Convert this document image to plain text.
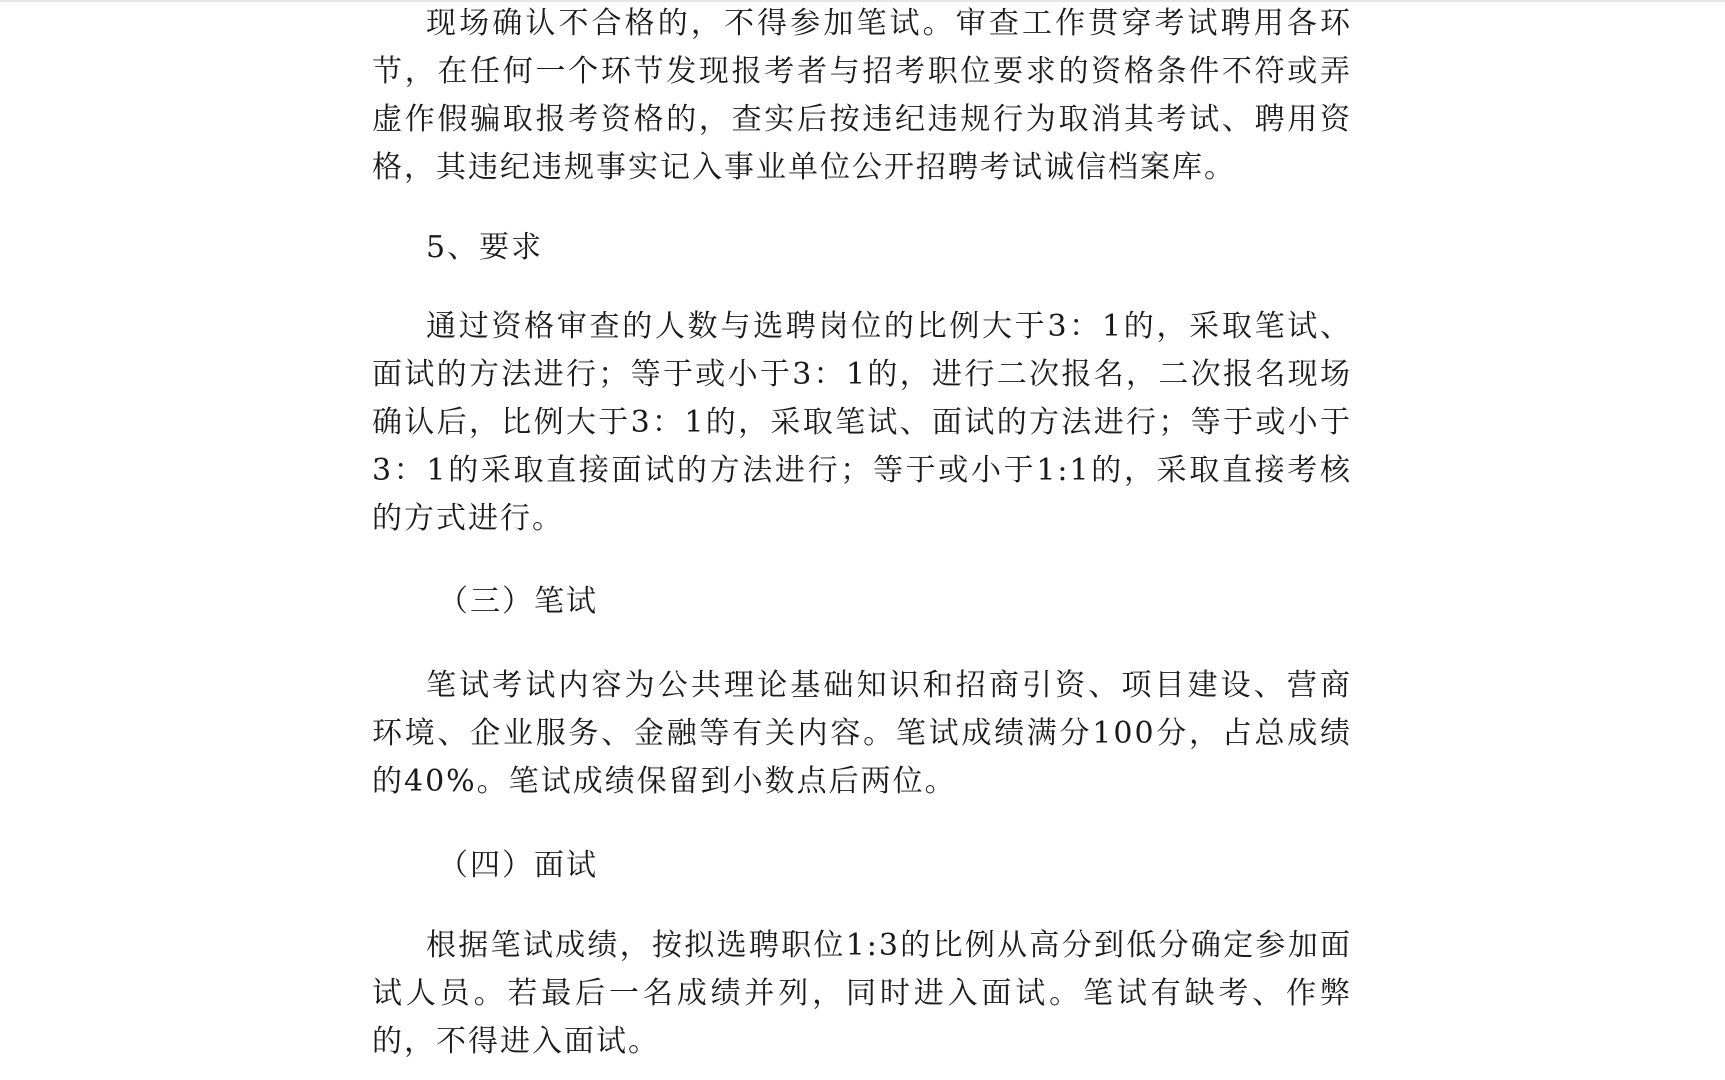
现场确认不合格的，不得参加笔试。审查工作贯穿考试聘用各环节，在任何一个环节发现报考者与招考职位要求的资格条件不符或弄虚作假骗取报考资格的，查实后按违纪违规行为取消其考试、聘用资格，其违纪违规事实记入事业单位公开招聘考试诚信档案库。

5、要求

通过资格审查的人数与选聘岗位的比例大于3：1的，采取笔试、面试的方法进行；等于或小于3：1的，进行二次报名，二次报名现场确认后，比例大于3：1的，采取笔试、面试的方法进行；等于或小于3：1的采取直接面试的方法进行；等于或小于1:1的，采取直接考核的方式进行。

（三）笔试

笔试考试内容为公共理论基础知识和招商引资、项目建设、营商环境、企业服务、金融等有关内容。笔试成绩满分100分，占总成绩的40%。笔试成绩保留到小数点后两位。

（四）面试

根据笔试成绩，按拟选聘职位1:3的比例从高分到低分确定参加面试人员。若最后一名成绩并列，同时进入面试。笔试有缺考、作弊的，不得进入面试。
